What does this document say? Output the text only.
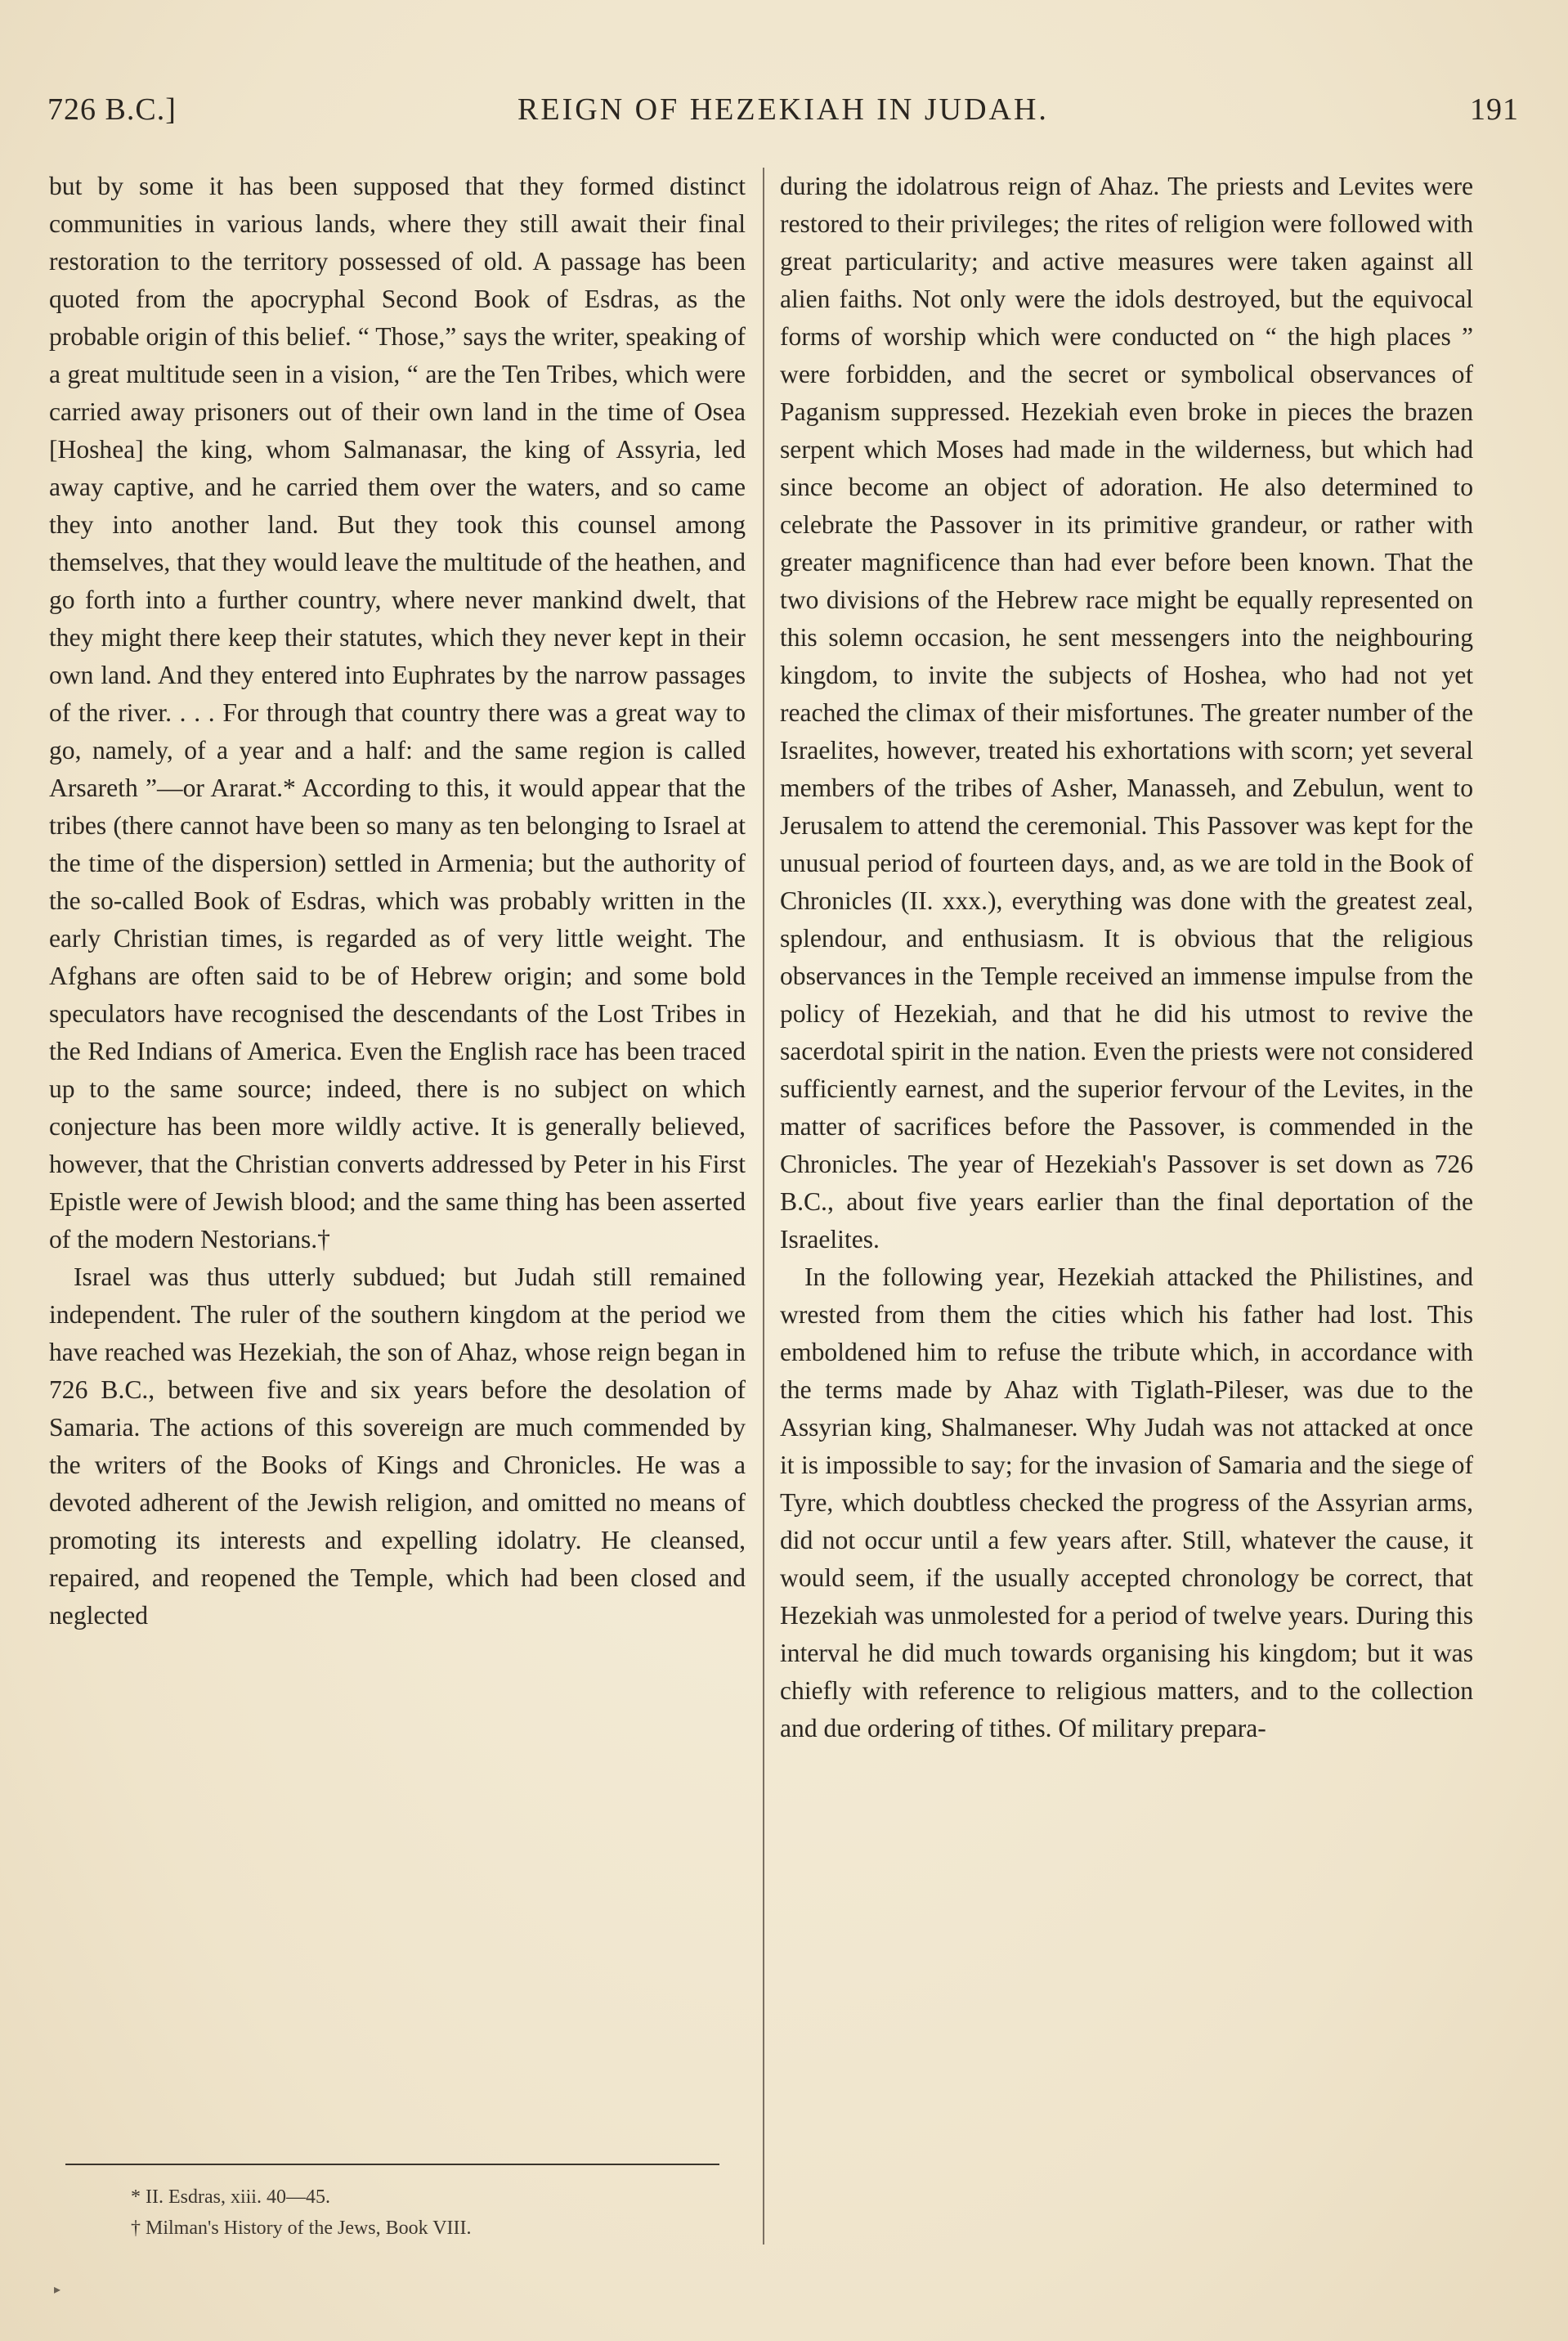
726 B.C.]	REIGN OF HEZEKIAH IN JUDAH.	191

but by some it has been supposed that they formed distinct communities in various lands, where they still await their final restoration to the territory possessed of old. A passage has been quoted from the apocryphal Second Book of Esdras, as the probable origin of this belief. “ Those,” says the writer, speaking of a great multitude seen in a vision, “ are the Ten Tribes, which were carried away prisoners out of their own land in the time of Osea [Hoshea] the king, whom Salmanasar, the king of Assyria, led away captive, and he carried them over the waters, and so came they into another land. But they took this counsel among themselves, that they would leave the multitude of the heathen, and go forth into a further country, where never mankind dwelt, that they might there keep their statutes, which they never kept in their own land. And they entered into Euphrates by the narrow passages of the river. . . . For through that country there was a great way to go, namely, of a year and a half: and the same region is called Arsareth ”—or Ararat.* According to this, it would appear that the tribes (there cannot have been so many as ten belonging to Israel at the time of the dispersion) settled in Armenia; but the authority of the so-called Book of Esdras, which was probably written in the early Christian times, is regarded as of very little weight. The Afghans are often said to be of Hebrew origin; and some bold speculators have recognised the descendants of the Lost Tribes in the Red Indians of America. Even the English race has been traced up to the same source; indeed, there is no subject on which conjecture has been more wildly active. It is generally believed, however, that the Christian converts addressed by Peter in his First Epistle were of Jewish blood; and the same thing has been asserted of the modern Nestorians.†

Israel was thus utterly subdued; but Judah still remained independent. The ruler of the southern kingdom at the period we have reached was Hezekiah, the son of Ahaz, whose reign began in 726 B.C., between five and six years before the desolation of Samaria. The actions of this sovereign are much commended by the writers of the Books of Kings and Chronicles. He was a devoted adherent of the Jewish religion, and omitted no means of promoting its interests and expelling idolatry. He cleansed, repaired, and reopened the Temple, which had been closed and neglected

during the idolatrous reign of Ahaz. The priests and Levites were restored to their privileges; the rites of religion were followed with great particularity; and active measures were taken against all alien faiths. Not only were the idols destroyed, but the equivocal forms of worship which were conducted on “ the high places ” were forbidden, and the secret or symbolical observances of Paganism suppressed. Hezekiah even broke in pieces the brazen serpent which Moses had made in the wilderness, but which had since become an object of adoration. He also determined to celebrate the Passover in its primitive grandeur, or rather with greater magnificence than had ever before been known. That the two divisions of the Hebrew race might be equally represented on this solemn occasion, he sent messengers into the neighbouring kingdom, to invite the subjects of Hoshea, who had not yet reached the climax of their misfortunes. The greater number of the Israelites, however, treated his exhortations with scorn; yet several members of the tribes of Asher, Manasseh, and Zebulun, went to Jerusalem to attend the ceremonial. This Passover was kept for the unusual period of fourteen days, and, as we are told in the Book of Chronicles (II. xxx.), everything was done with the greatest zeal, splendour, and enthusiasm. It is obvious that the religious observances in the Temple received an immense impulse from the policy of Hezekiah, and that he did his utmost to revive the sacerdotal spirit in the nation. Even the priests were not considered sufficiently earnest, and the superior fervour of the Levites, in the matter of sacrifices before the Passover, is commended in the Chronicles. The year of Hezekiah's Passover is set down as 726 B.C., about five years earlier than the final deportation of the Israelites.

In the following year, Hezekiah attacked the Philistines, and wrested from them the cities which his father had lost. This emboldened him to refuse the tribute which, in accordance with the terms made by Ahaz with Tiglath-Pileser, was due to the Assyrian king, Shalmaneser. Why Judah was not attacked at once it is impossible to say; for the invasion of Samaria and the siege of Tyre, which doubtless checked the progress of the Assyrian arms, did not occur until a few years after. Still, whatever the cause, it would seem, if the usually accepted chronology be correct, that Hezekiah was unmolested for a period of twelve years. During this interval he did much towards organising his kingdom; but it was chiefly with reference to religious matters, and to the collection and due ordering of tithes. Of military prepara-

* II. Esdras, xiii. 40—45.
† Milman's History of the Jews, Book VIII.
▸
